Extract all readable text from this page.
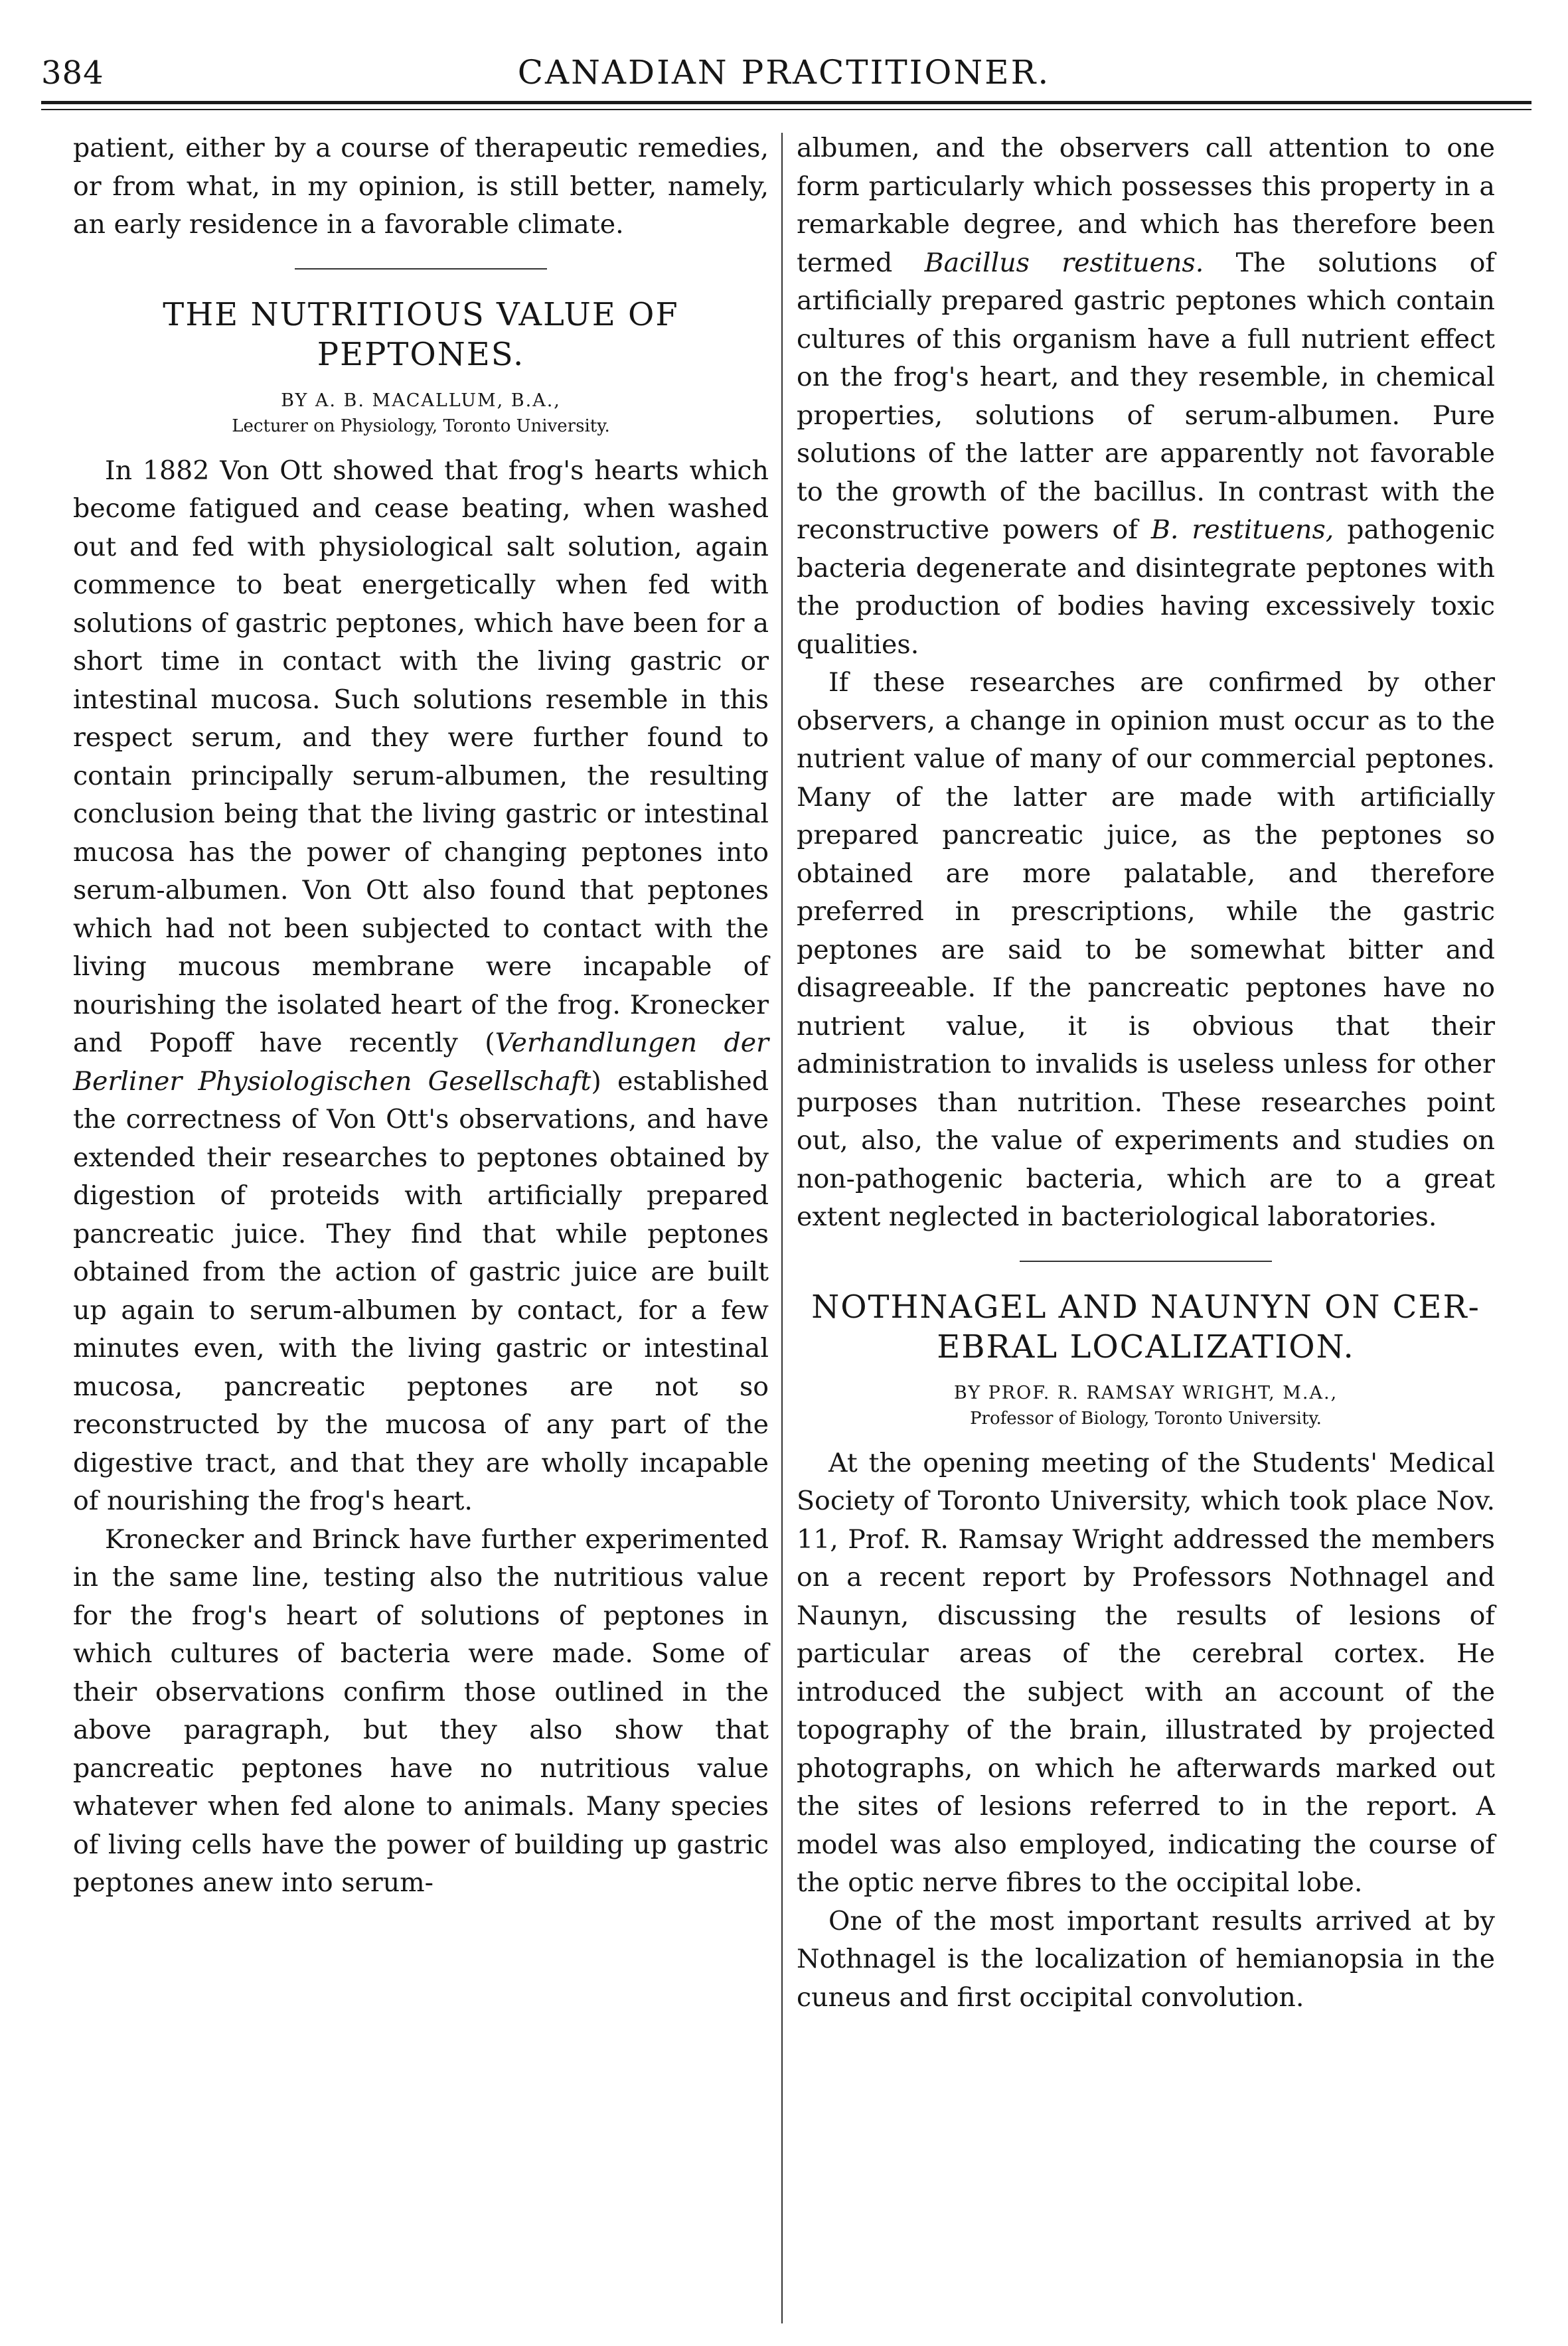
384	CANADIAN PRACTITIONER.

patient, either by a course of therapeutic remedies, or from what, in my opinion, is still better, namely, an early residence in a favorable climate.

THE NUTRITIOUS VALUE OF
PEPTONES.
BY A. B. MACALLUM, B.A.,
Lecturer on Physiology, Toronto University.

In 1882 Von Ott showed that frog's hearts which become fatigued and cease beating, when washed out and fed with physiological salt solution, again commence to beat energetically when fed with solutions of gastric peptones, which have been for a short time in contact with the living gastric or intestinal mucosa. Such solutions resemble in this respect serum, and they were further found to contain principally serum-albumen, the resulting conclusion being that the living gastric or intestinal mucosa has the power of changing peptones into serum-albumen. Von Ott also found that peptones which had not been subjected to contact with the living mucous membrane were incapable of nourishing the isolated heart of the frog. Kronecker and Popoff have recently (Verhandlungen der Berliner Physiologischen Gesellschaft) established the correctness of Von Ott's observations, and have extended their researches to peptones obtained by digestion of proteids with artificially prepared pancreatic juice. They find that while peptones obtained from the action of gastric juice are built up again to serum-albumen by contact, for a few minutes even, with the living gastric or intestinal mucosa, pancreatic peptones are not so reconstructed by the mucosa of any part of the digestive tract, and that they are wholly incapable of nourishing the frog's heart.

Kronecker and Brinck have further experimented in the same line, testing also the nutritious value for the frog's heart of solutions of peptones in which cultures of bacteria were made. Some of their observations confirm those outlined in the above paragraph, but they also show that pancreatic peptones have no nutritious value whatever when fed alone to animals. Many species of living cells have the power of building up gastric peptones anew into serum-

albumen, and the observers call attention to one form particularly which possesses this property in a remarkable degree, and which has therefore been termed Bacillus restituens. The solutions of artificially prepared gastric peptones which contain cultures of this organism have a full nutrient effect on the frog's heart, and they resemble, in chemical properties, solutions of serum-albumen. Pure solutions of the latter are apparently not favorable to the growth of the bacillus. In contrast with the reconstructive powers of B. restituens, pathogenic bacteria degenerate and disintegrate peptones with the production of bodies having excessively toxic qualities.

If these researches are confirmed by other observers, a change in opinion must occur as to the nutrient value of many of our commercial peptones. Many of the latter are made with artificially prepared pancreatic juice, as the peptones so obtained are more palatable, and therefore preferred in prescriptions, while the gastric peptones are said to be somewhat bitter and disagreeable. If the pancreatic peptones have no nutrient value, it is obvious that their administration to invalids is useless unless for other purposes than nutrition. These researches point out, also, the value of experiments and studies on non-pathogenic bacteria, which are to a great extent neglected in bacteriological laboratories.

NOTHNAGEL AND NAUNYN ON CER-
EBRAL LOCALIZATION.
BY PROF. R. RAMSAY WRIGHT, M.A.,
Professor of Biology, Toronto University.

At the opening meeting of the Students' Medical Society of Toronto University, which took place Nov. 11, Prof. R. Ramsay Wright addressed the members on a recent report by Professors Nothnagel and Naunyn, discussing the results of lesions of particular areas of the cerebral cortex. He introduced the subject with an account of the topography of the brain, illustrated by projected photographs, on which he afterwards marked out the sites of lesions referred to in the report. A model was also employed, indicating the course of the optic nerve fibres to the occipital lobe.

One of the most important results arrived at by Nothnagel is the localization of hemianopsia in the cuneus and first occipital convolution.
